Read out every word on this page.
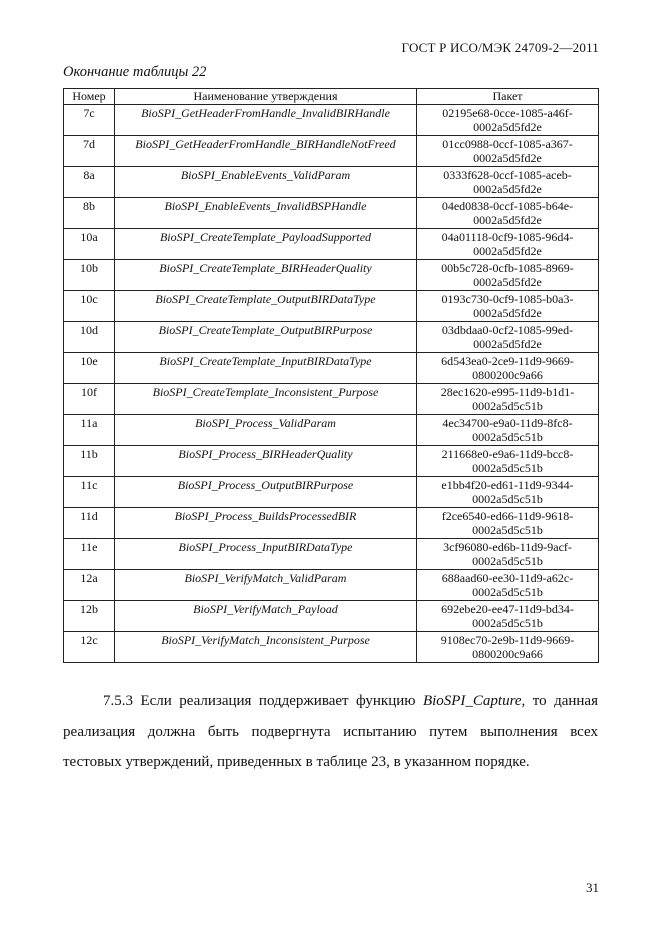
ГОСТ Р ИСО/МЭК 24709-2—2011
Окончание таблицы 22
Номер	Наименование утверждения	Пакет
7c	BioSPI_GetHeaderFromHandle_InvalidBIRHandle	02195e68-0cce-1085-a46f-
0002a5d5fd2e
7d	BioSPI_GetHeaderFromHandle_BIRHandleNotFreed	01cc0988-0ccf-1085-a367-
0002a5d5fd2e
8a	BioSPI_EnableEvents_ValidParam	0333f628-0ccf-1085-aceb-
0002a5d5fd2e
8b	BioSPI_EnableEvents_InvalidBSPHandle	04ed0838-0ccf-1085-b64e-
0002a5d5fd2e
10a	BioSPI_CreateTemplate_PayloadSupported	04a01118-0cf9-1085-96d4-
0002a5d5fd2e
10b	BioSPI_CreateTemplate_BIRHeaderQuality	00b5c728-0cfb-1085-8969-
0002a5d5fd2e
10c	BioSPI_CreateTemplate_OutputBIRDataType	0193c730-0cf9-1085-b0a3-
0002a5d5fd2e
10d	BioSPI_CreateTemplate_OutputBIRPurpose	03dbdaa0-0cf2-1085-99ed-
0002a5d5fd2e
10e	BioSPI_CreateTemplate_InputBIRDataType	6d543ea0-2ce9-11d9-9669-
0800200c9a66
10f	BioSPI_CreateTemplate_Inconsistent_Purpose	28ec1620-e995-11d9-b1d1-
0002a5d5c51b
11a	BioSPI_Process_ValidParam	4ec34700-e9a0-11d9-8fc8-
0002a5d5c51b
11b	BioSPI_Process_BIRHeaderQuality	211668e0-e9a6-11d9-bcc8-
0002a5d5c51b
11c	BioSPI_Process_OutputBIRPurpose	e1bb4f20-ed61-11d9-9344-
0002a5d5c51b
11d	BioSPI_Process_BuildsProcessedBIR	f2ce6540-ed66-11d9-9618-
0002a5d5c51b
11e	BioSPI_Process_InputBIRDataType	3cf96080-ed6b-11d9-9acf-
0002a5d5c51b
12a	BioSPI_VerifyMatch_ValidParam	688aad60-ee30-11d9-a62c-
0002a5d5c51b
12b	BioSPI_VerifyMatch_Payload	692ebe20-ee47-11d9-bd34-
0002a5d5c51b
12c	BioSPI_VerifyMatch_Inconsistent_Purpose	9108ec70-2e9b-11d9-9669-
0800200c9a66
7.5.3 Если реализация поддерживает функцию BioSPI_Capture, то данная реализация должна быть подвергнута испытанию путем выполнения всех тестовых утверждений, приведенных в таблице 23, в указанном порядке.
31
